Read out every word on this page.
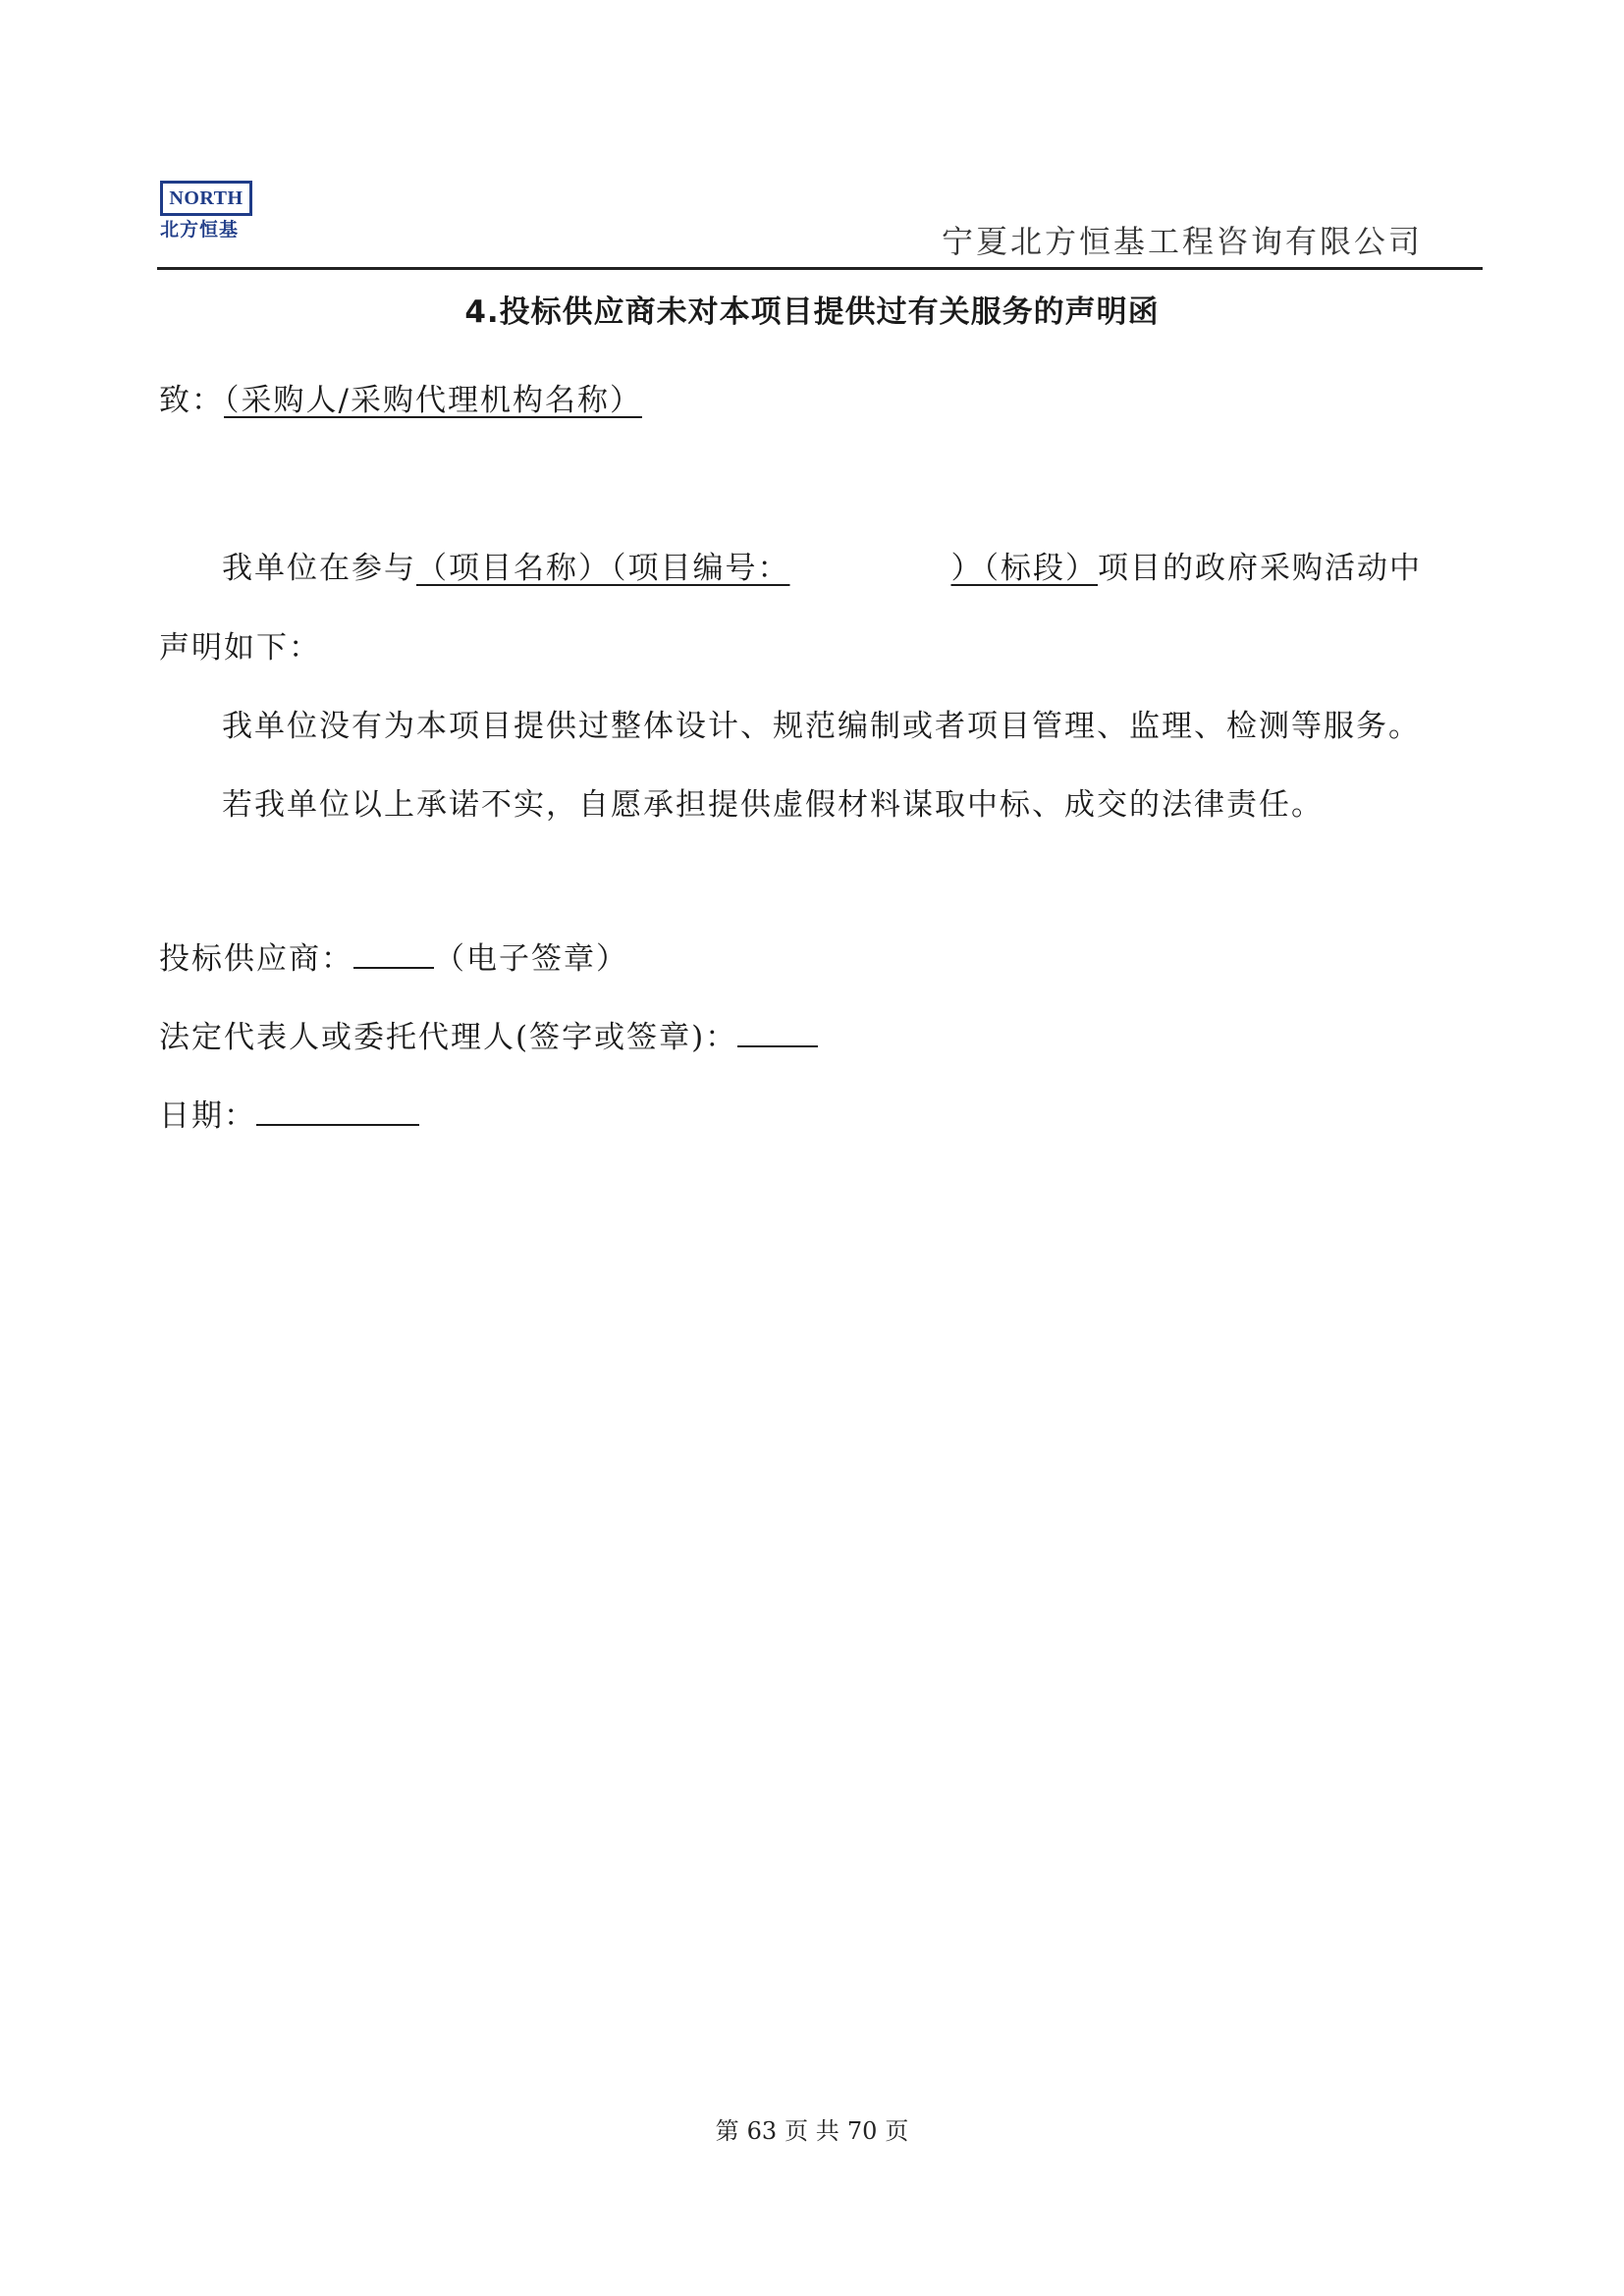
NORTH
北方恒基	宁夏北方恒基工程咨询有限公司
4.投标供应商未对本项目提供过有关服务的声明函
致：（采购人/采购代理机构名称）
我单位在参与（项目名称）（项目编号：	）（标段）项目的政府采购活动中
声明如下：
我单位没有为本项目提供过整体设计、规范编制或者项目管理、监理、检测等服务。
若我单位以上承诺不实，自愿承担提供虚假材料谋取中标、成交的法律责任。
投标供应商：	（电子签章）
法定代表人或委托代理人(签字或签章)：
日期：
第 63 页 共 70 页
